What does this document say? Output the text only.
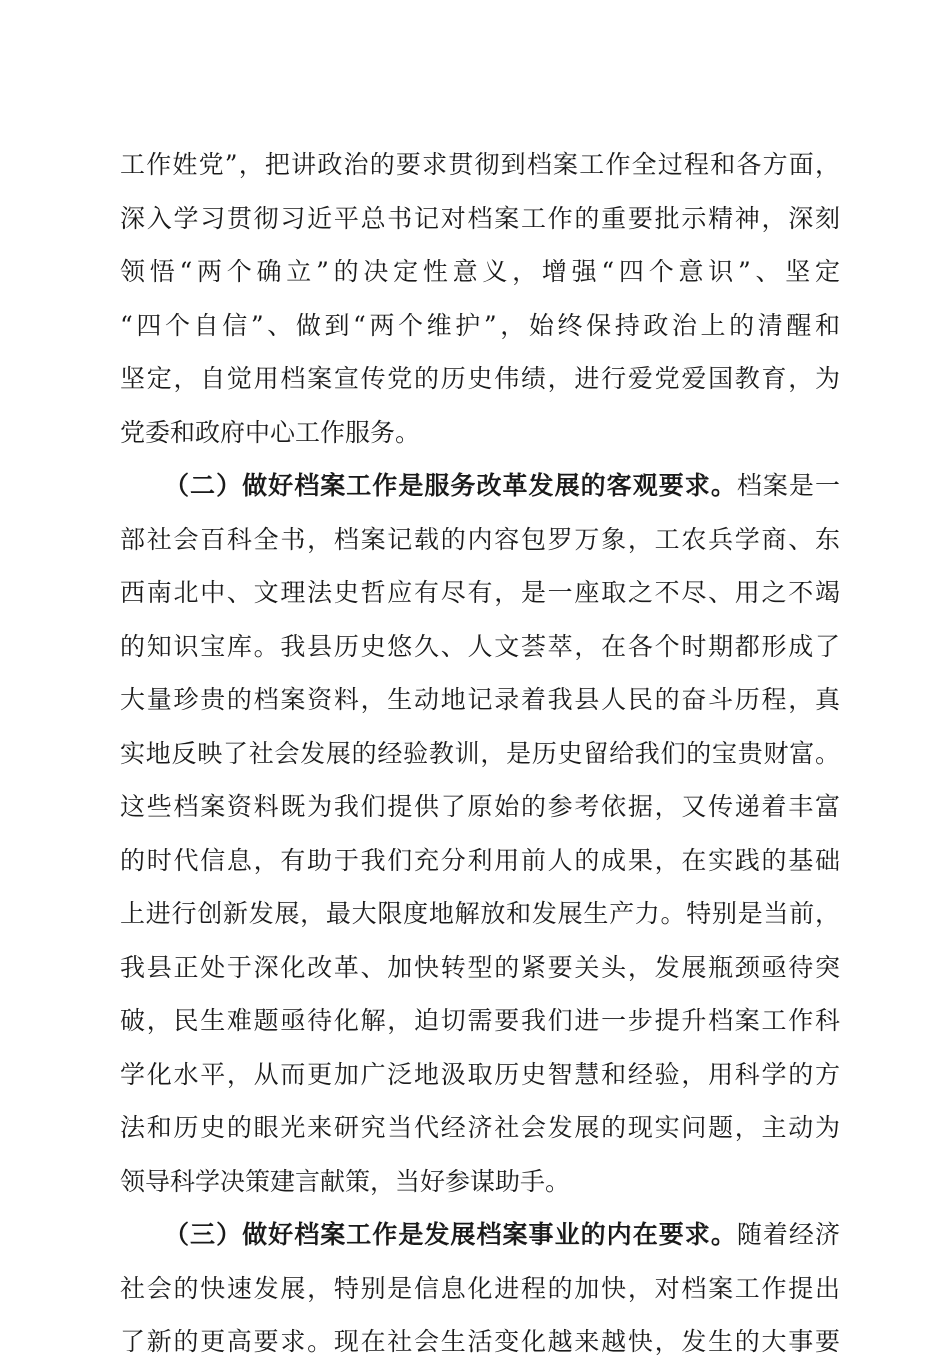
工作姓党”，把讲政治的要求贯彻到档案工作全过程和各方面，
深入学习贯彻习近平总书记对档案工作的重要批示精神，深刻
领悟“两个确立”的决定性意义，增强“四个意识”、坚定
“四个自信”、做到“两个维护”，始终保持政治上的清醒和
坚定，自觉用档案宣传党的历史伟绩，进行爱党爱国教育，为
党委和政府中心工作服务。
（二）做好档案工作是服务改革发展的客观要求。档案是一
部社会百科全书，档案记载的内容包罗万象，工农兵学商、东
西南北中、文理法史哲应有尽有，是一座取之不尽、用之不竭
的知识宝库。我县历史悠久、人文荟萃，在各个时期都形成了
大量珍贵的档案资料，生动地记录着我县人民的奋斗历程，真
实地反映了社会发展的经验教训，是历史留给我们的宝贵财富。
这些档案资料既为我们提供了原始的参考依据，又传递着丰富
的时代信息，有助于我们充分利用前人的成果，在实践的基础
上进行创新发展，最大限度地解放和发展生产力。特别是当前，
我县正处于深化改革、加快转型的紧要关头，发展瓶颈亟待突
破，民生难题亟待化解，迫切需要我们进一步提升档案工作科
学化水平，从而更加广泛地汲取历史智慧和经验，用科学的方
法和历史的眼光来研究当代经济社会发展的现实问题，主动为
领导科学决策建言献策，当好参谋助手。
（三）做好档案工作是发展档案事业的内在要求。随着经济
社会的快速发展，特别是信息化进程的加快，对档案工作提出
了新的更高要求。现在社会生活变化越来越快，发生的大事要
